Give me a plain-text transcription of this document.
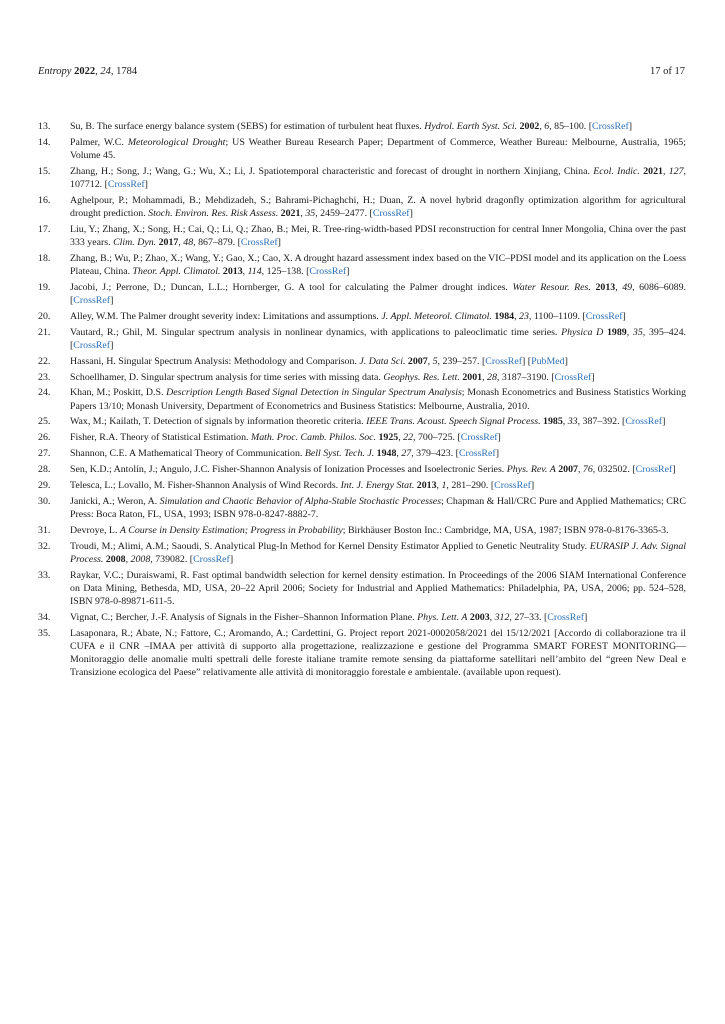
Entropy 2022, 24, 1784	17 of 17
13.	Su, B. The surface energy balance system (SEBS) for estimation of turbulent heat fluxes. Hydrol. Earth Syst. Sci. 2002, 6, 85–100. [CrossRef]
14.	Palmer, W.C. Meteorological Drought; US Weather Bureau Research Paper; Department of Commerce, Weather Bureau: Melbourne, Australia, 1965; Volume 45.
15.	Zhang, H.; Song, J.; Wang, G.; Wu, X.; Li, J. Spatiotemporal characteristic and forecast of drought in northern Xinjiang, China. Ecol. Indic. 2021, 127, 107712. [CrossRef]
16.	Aghelpour, P.; Mohammadi, B.; Mehdizadeh, S.; Bahrami-Pichaghchi, H.; Duan, Z. A novel hybrid dragonfly optimization algorithm for agricultural drought prediction. Stoch. Environ. Res. Risk Assess. 2021, 35, 2459–2477. [CrossRef]
17.	Liu, Y.; Zhang, X.; Song, H.; Cai, Q.; Li, Q.; Zhao, B.; Mei, R. Tree-ring-width-based PDSI reconstruction for central Inner Mongolia, China over the past 333 years. Clim. Dyn. 2017, 48, 867–879. [CrossRef]
18.	Zhang, B.; Wu, P.; Zhao, X.; Wang, Y.; Gao, X.; Cao, X. A drought hazard assessment index based on the VIC–PDSI model and its application on the Loess Plateau, China. Theor. Appl. Climatol. 2013, 114, 125–138. [CrossRef]
19.	Jacobi, J.; Perrone, D.; Duncan, L.L.; Hornberger, G. A tool for calculating the Palmer drought indices. Water Resour. Res. 2013, 49, 6086–6089. [CrossRef]
20.	Alley, W.M. The Palmer drought severity index: Limitations and assumptions. J. Appl. Meteorol. Climatol. 1984, 23, 1100–1109. [CrossRef]
21.	Vautard, R.; Ghil, M. Singular spectrum analysis in nonlinear dynamics, with applications to paleoclimatic time series. Physica D 1989, 35, 395–424. [CrossRef]
22.	Hassani, H. Singular Spectrum Analysis: Methodology and Comparison. J. Data Sci. 2007, 5, 239–257. [CrossRef] [PubMed]
23.	Schoellhamer, D. Singular spectrum analysis for time series with missing data. Geophys. Res. Lett. 2001, 28, 3187–3190. [CrossRef]
24.	Khan, M.; Poskitt, D.S. Description Length Based Signal Detection in Singular Spectrum Analysis; Monash Econometrics and Business Statistics Working Papers 13/10; Monash University, Department of Econometrics and Business Statistics: Melbourne, Australia, 2010.
25.	Wax, M.; Kailath, T. Detection of signals by information theoretic criteria. IEEE Trans. Acoust. Speech Signal Process. 1985, 33, 387–392. [CrossRef]
26.	Fisher, R.A. Theory of Statistical Estimation. Math. Proc. Camb. Philos. Soc. 1925, 22, 700–725. [CrossRef]
27.	Shannon, C.E. A Mathematical Theory of Communication. Bell Syst. Tech. J. 1948, 27, 379–423. [CrossRef]
28.	Sen, K.D.; Antolín, J.; Angulo, J.C. Fisher-Shannon Analysis of Ionization Processes and Isoelectronic Series. Phys. Rev. A 2007, 76, 032502. [CrossRef]
29.	Telesca, L.; Lovallo, M. Fisher-Shannon Analysis of Wind Records. Int. J. Energy Stat. 2013, 1, 281–290. [CrossRef]
30.	Janicki, A.; Weron, A. Simulation and Chaotic Behavior of Alpha-Stable Stochastic Processes; Chapman & Hall/CRC Pure and Applied Mathematics; CRC Press: Boca Raton, FL, USA, 1993; ISBN 978-0-8247-8882-7.
31.	Devroye, L. A Course in Density Estimation; Progress in Probability; Birkhäuser Boston Inc.: Cambridge, MA, USA, 1987; ISBN 978-0-8176-3365-3.
32.	Troudi, M.; Alimi, A.M.; Saoudi, S. Analytical Plug-In Method for Kernel Density Estimator Applied to Genetic Neutrality Study. EURASIP J. Adv. Signal Process. 2008, 2008, 739082. [CrossRef]
33.	Raykar, V.C.; Duraiswami, R. Fast optimal bandwidth selection for kernel density estimation. In Proceedings of the 2006 SIAM International Conference on Data Mining, Bethesda, MD, USA, 20–22 April 2006; Society for Industrial and Applied Mathematics: Philadelphia, PA, USA, 2006; pp. 524–528, ISBN 978-0-89871-611-5.
34.	Vignat, C.; Bercher, J.-F. Analysis of Signals in the Fisher–Shannon Information Plane. Phys. Lett. A 2003, 312, 27–33. [CrossRef]
35.	Lasaponara, R.; Abate, N.; Fattore, C.; Aromando, A.; Cardettini, G. Project report 2021-0002058/2021 del 15/12/2021 [Accordo di collaborazione tra il CUFA e il CNR –IMAA per attività di supporto alla progettazione, realizzazione e gestione del Programma SMART FOREST MONITORING—Monitoraggio delle anomalie multi spettrali delle foreste italiane tramite remote sensing da piattaforme satellitari nell’ambito del “green New Deal e Transizione ecologica del Paese” relativamente alle attività di monitoraggio forestale e ambientale. (available upon request).
